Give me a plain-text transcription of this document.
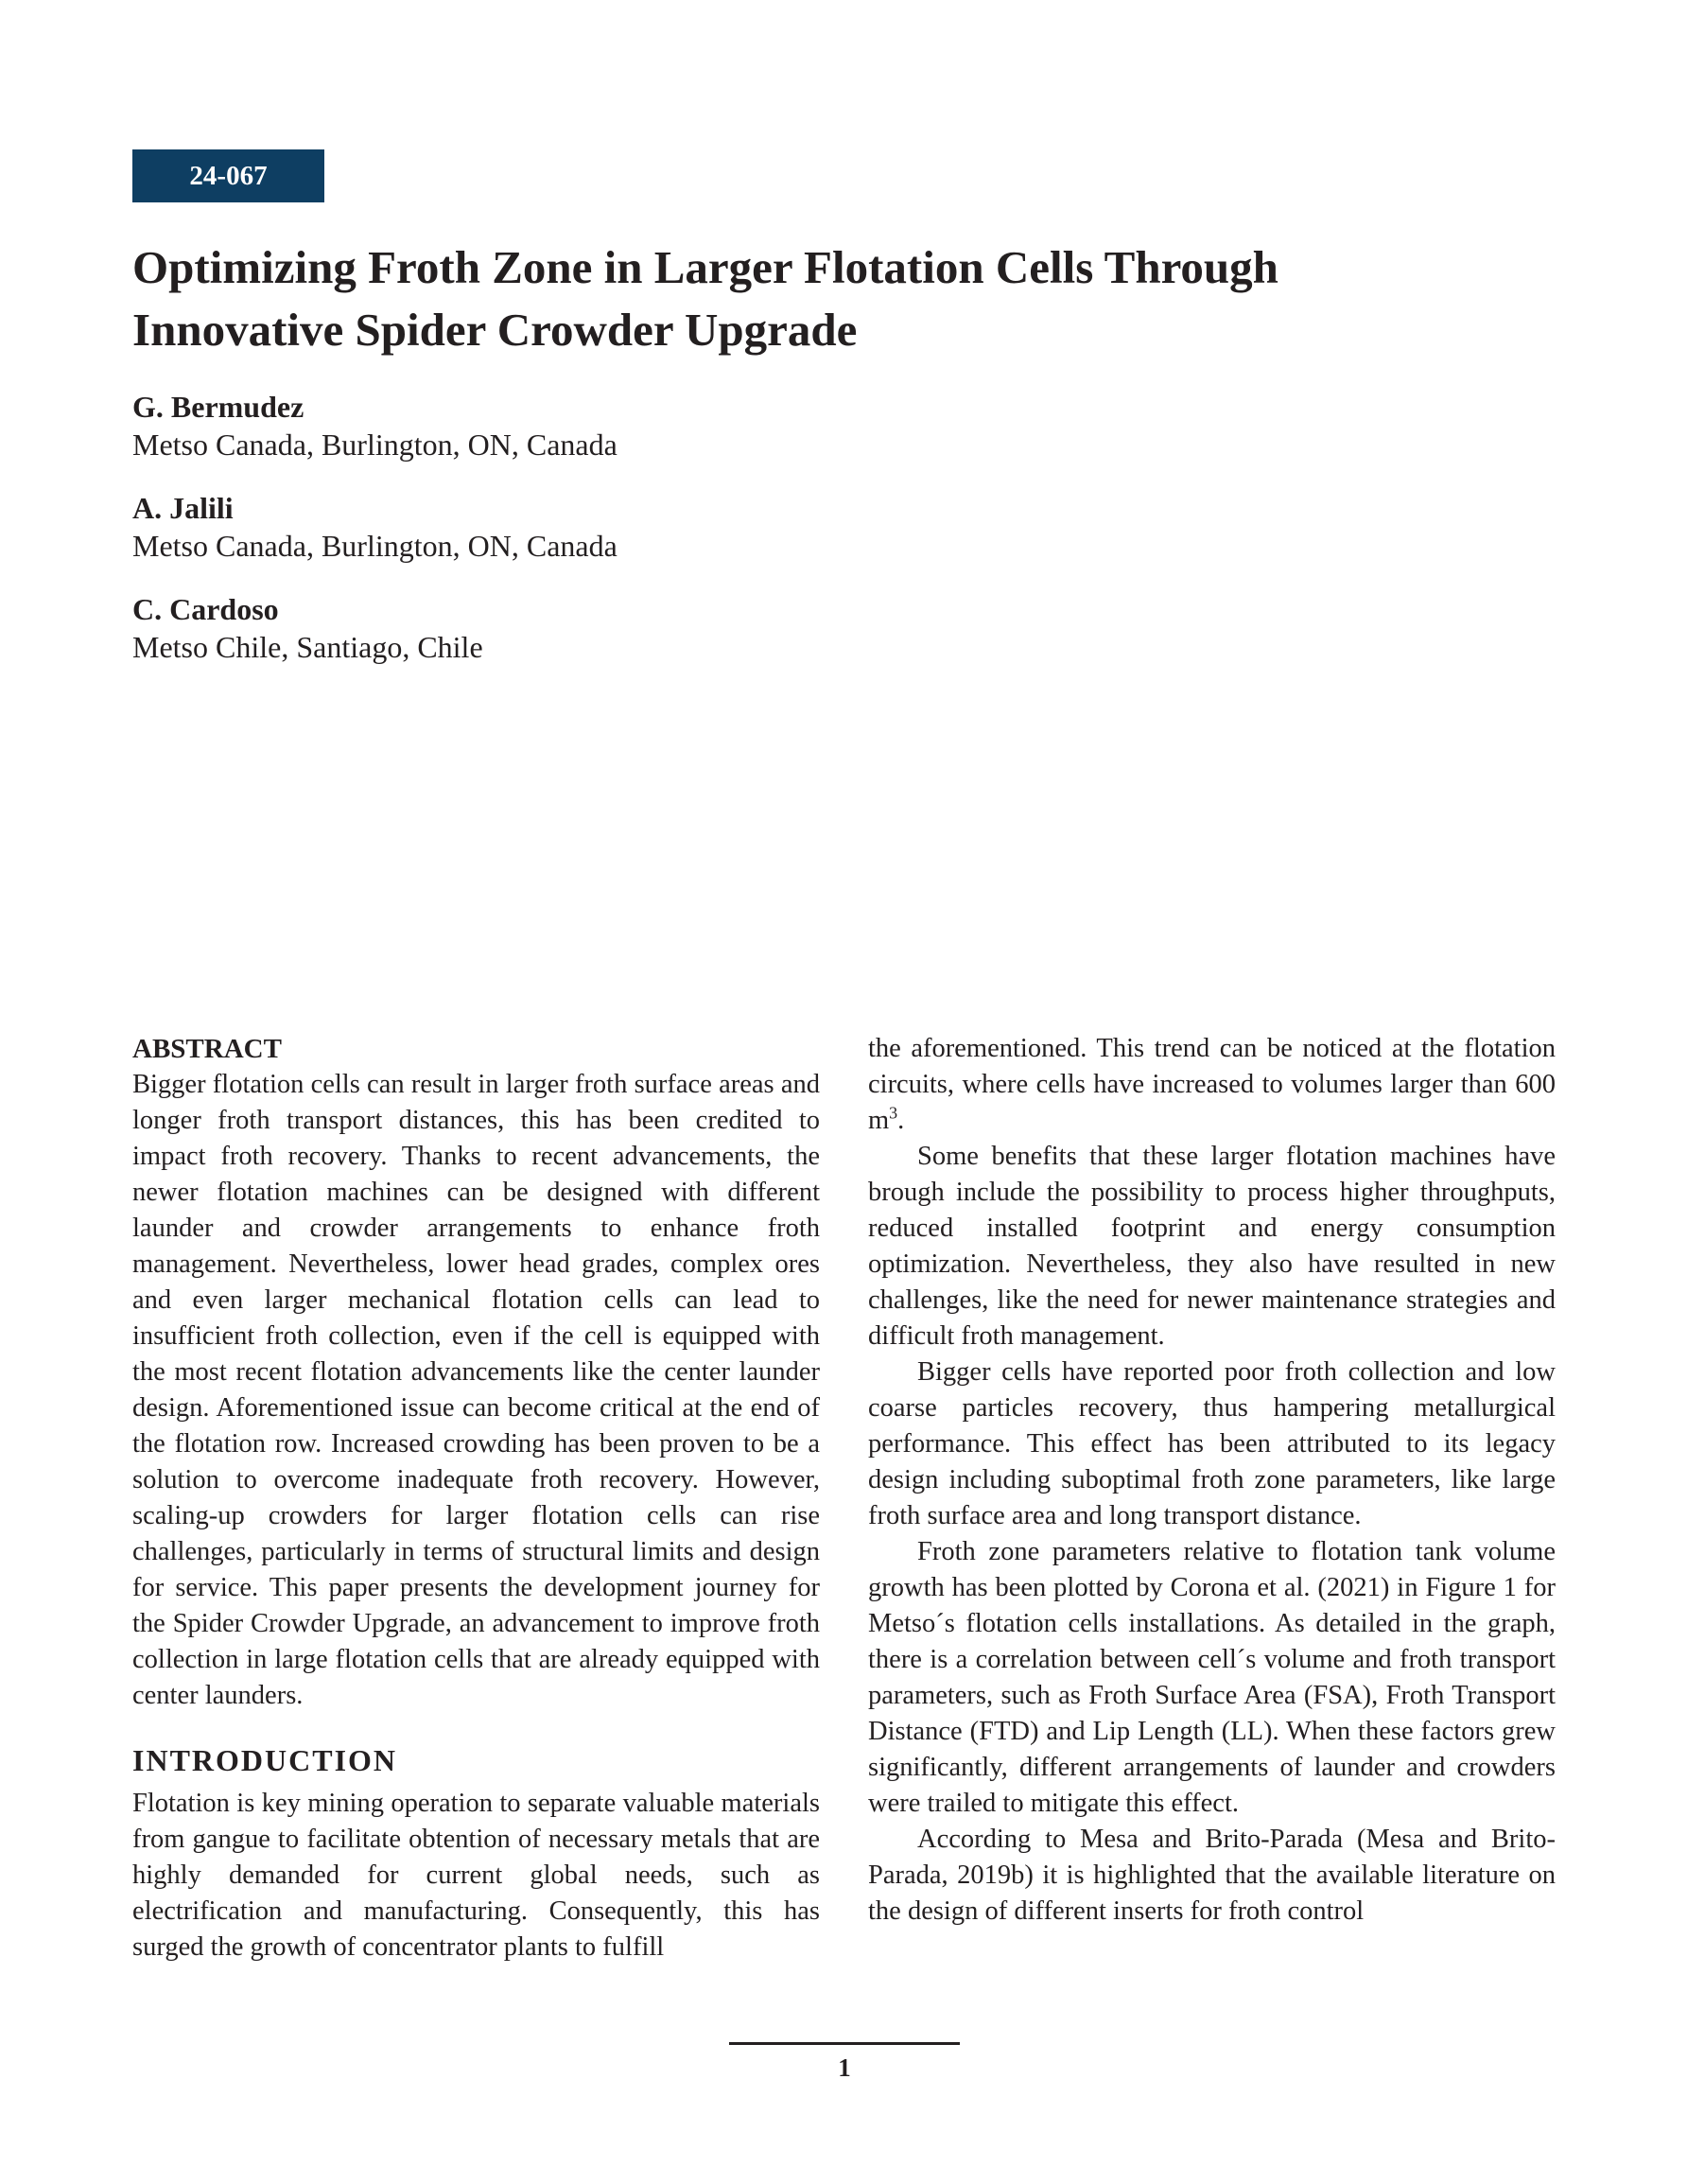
24-067
Optimizing Froth Zone in Larger Flotation Cells Through
Innovative Spider Crowder Upgrade
G. Bermudez
Metso Canada, Burlington, ON, Canada
A. Jalili
Metso Canada, Burlington, ON, Canada
C. Cardoso
Metso Chile, Santiago, Chile
ABSTRACT

Bigger flotation cells can result in larger froth surface areas and longer froth transport distances, this has been credited to impact froth recovery. Thanks to recent advancements, the newer flotation machines can be designed with different launder and crowder arrangements to enhance froth management. Nevertheless, lower head grades, complex ores and even larger mechanical flotation cells can lead to insufficient froth collection, even if the cell is equipped with the most recent flotation advancements like the center launder design. Aforementioned issue can become critical at the end of the flotation row. Increased crowding has been proven to be a solution to overcome inadequate froth recovery. However, scaling-up crowders for larger flotation cells can rise challenges, particularly in terms of structural limits and design for service. This paper presents the development journey for the Spider Crowder Upgrade, an advancement to improve froth collection in large flotation cells that are already equipped with center launders.

INTRODUCTION

Flotation is key mining operation to separate valuable materials from gangue to facilitate obtention of necessary metals that are highly demanded for current global needs, such as electrification and manufacturing. Consequently, this has surged the growth of concentrator plants to fulfill

the aforementioned. This trend can be noticed at the flotation circuits, where cells have increased to volumes larger than 600 $m^3$.

Some benefits that these larger flotation machines have brough include the possibility to process higher throughputs, reduced installed footprint and energy consumption optimization. Nevertheless, they also have resulted in new challenges, like the need for newer maintenance strategies and difficult froth management.

Bigger cells have reported poor froth collection and low coarse particles recovery, thus hampering metallurgical performance. This effect has been attributed to its legacy design including suboptimal froth zone parameters, like large froth surface area and long transport distance.

Froth zone parameters relative to flotation tank volume growth has been plotted by Corona et al. (2021) in Figure 1 for Metso´s flotation cells installations. As detailed in the graph, there is a correlation between cell´s volume and froth transport parameters, such as Froth Surface Area (FSA), Froth Transport Distance (FTD) and Lip Length (LL). When these factors grew significantly, different arrangements of launder and crowders were trailed to mitigate this effect.

According to Mesa and Brito-Parada (Mesa and Brito-Parada, 2019b) it is highlighted that the available literature on the design of different inserts for froth control

1
